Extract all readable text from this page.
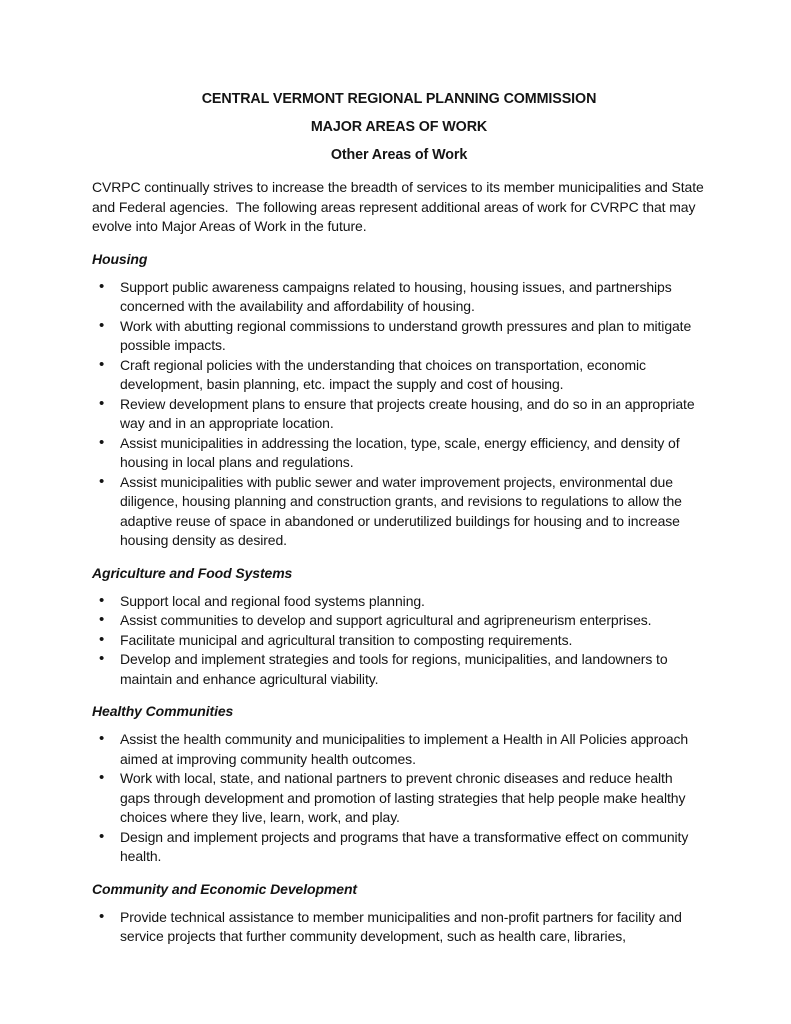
CENTRAL VERMONT REGIONAL PLANNING COMMISSION
MAJOR AREAS OF WORK
Other Areas of Work

CVRPC continually strives to increase the breadth of services to its member municipalities and State and Federal agencies.  The following areas represent additional areas of work for CVRPC that may evolve into Major Areas of Work in the future.

Housing
• Support public awareness campaigns related to housing, housing issues, and partnerships concerned with the availability and affordability of housing.
• Work with abutting regional commissions to understand growth pressures and plan to mitigate possible impacts.
• Craft regional policies with the understanding that choices on transportation, economic development, basin planning, etc. impact the supply and cost of housing.
• Review development plans to ensure that projects create housing, and do so in an appropriate way and in an appropriate location.
• Assist municipalities in addressing the location, type, scale, energy efficiency, and density of housing in local plans and regulations.
• Assist municipalities with public sewer and water improvement projects, environmental due diligence, housing planning and construction grants, and revisions to regulations to allow the adaptive reuse of space in abandoned or underutilized buildings for housing and to increase housing density as desired.
Agriculture and Food Systems
• Support local and regional food systems planning.
• Assist communities to develop and support agricultural and agripreneurism enterprises.
• Facilitate municipal and agricultural transition to composting requirements.
• Develop and implement strategies and tools for regions, municipalities, and landowners to maintain and enhance agricultural viability.
Healthy Communities
• Assist the health community and municipalities to implement a Health in All Policies approach aimed at improving community health outcomes.
• Work with local, state, and national partners to prevent chronic diseases and reduce health gaps through development and promotion of lasting strategies that help people make healthy choices where they live, learn, work, and play.
• Design and implement projects and programs that have a transformative effect on community health.
Community and Economic Development
• Provide technical assistance to member municipalities and non-profit partners for facility and service projects that further community development, such as health care, libraries,
